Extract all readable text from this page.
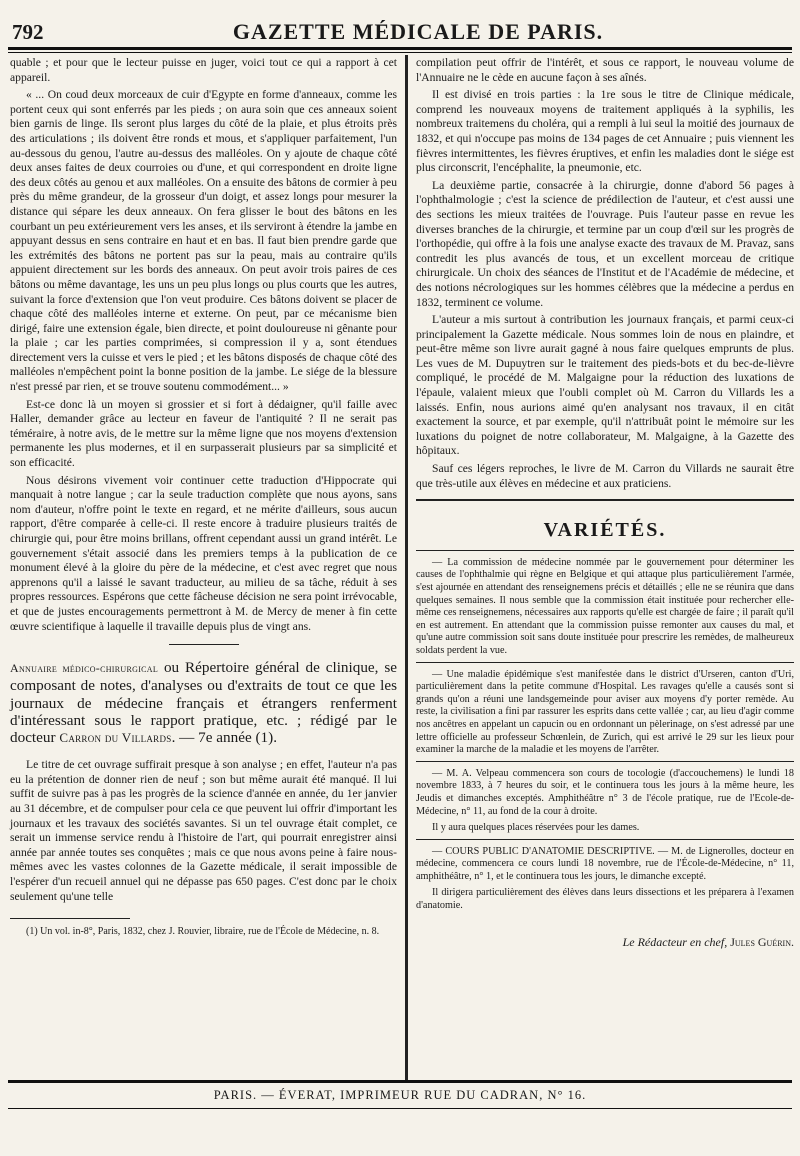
792	GAZETTE MÉDICALE DE PARIS.

quable ; et pour que le lecteur puisse en juger, voici tout ce qui a rapport à cet appareil.

« ... On coud deux morceaux de cuir d'Egypte en forme d'anneaux, comme les portent ceux qui sont enferrés par les pieds ; on aura soin que ces anneaux soient bien garnis de linge. Ils seront plus larges du côté de la plaie, et plus étroits près des articulations ; ils doivent être ronds et mous, et s'appliquer parfaitement, l'un au-dessous du genou, l'autre au-dessus des malléoles. On y ajoute de chaque côté deux anses faites de deux courroies ou d'une, et qui correspondent en droite ligne des deux côtés au genou et aux malléoles. On a ensuite des bâtons de cormier à peu près du même grandeur, de la grosseur d'un doigt, et assez longs pour mesurer la distance qui sépare les deux anneaux. On fera glisser le bout des bâtons en les courbant un peu extérieurement vers les anses, et ils serviront à étendre la jambe en appuyant dessus en sens contraire en haut et en bas. Il faut bien prendre garde que les extrémités des bâtons ne portent pas sur la peau, mais au contraire qu'ils appuient directement sur les bords des anneaux. On peut avoir trois paires de ces bâtons ou même davantage, les uns un peu plus longs ou plus courts que les autres, suivant la force d'extension que l'on veut produire. Ces bâtons doivent se placer de chaque côté des malléoles interne et externe. On peut, par ce mécanisme bien dirigé, faire une extension égale, bien directe, et point douloureuse ni gênante pour la plaie ; car les parties comprimées, si compression il y a, sont étendues directement vers la cuisse et vers le pied ; et les bâtons disposés de chaque côté des malléoles n'empêchent point la bonne position de la jambe. Le siége de la blessure n'est pressé par rien, et se trouve soutenu commodément... »

Est-ce donc là un moyen si grossier et si fort à dédaigner, qu'il faille avec Haller, demander grâce au lecteur en faveur de l'antiquité ? Il ne serait pas téméraire, à notre avis, de le mettre sur la même ligne que nos moyens d'extension permanente les plus modernes, et il en surpasserait plusieurs par sa simplicité et son efficacité.

Nous désirons vivement voir continuer cette traduction d'Hippocrate qui manquait à notre langue ; car la seule traduction complète que nous ayons, sans nom d'auteur, n'offre point le texte en regard, et ne mérite d'ailleurs, sous aucun rapport, d'être comparée à celle-ci. Il reste encore à traduire plusieurs traités de chirurgie qui, pour être moins brillans, offrent cependant aussi un grand intérêt. Le gouvernement s'était associé dans les premiers temps à la publication de ce monument élevé à la gloire du père de la médecine, et c'est avec regret que nous apprenons qu'il a laissé le savant traducteur, au milieu de sa tâche, réduit à ses propres ressources. Espérons que cette fâcheuse décision ne sera point irrévocable, et que de justes encouragements permettront à M. de Mercy de mener à fin cette œuvre scientifique à laquelle il travaille depuis plus de vingt ans.

Annuaire médico-chirurgical ou Répertoire général de clinique, se composant de notes, d'analyses ou d'extraits de tout ce que les journaux de médecine français et étrangers renferment d'intéressant sous le rapport pratique, etc. ; rédigé par le docteur Carron du Villards. — 7e année (1).

Le titre de cet ouvrage suffirait presque à son analyse ; en effet, l'auteur n'a pas eu la prétention de donner rien de neuf ; son but même aurait été manqué. Il lui suffit de suivre pas à pas les progrès de la science d'année en année, du 1er janvier au 31 décembre, et de compulser pour cela ce que peuvent lui offrir d'important les journaux et les travaux des sociétés savantes. Si un tel ouvrage était complet, ce serait un immense service rendu à l'histoire de l'art, qui pourrait enregistrer ainsi année par année toutes ses conquêtes ; mais ce que nous avons peine à faire nous-mêmes avec les vastes colonnes de la Gazette médicale, il serait impossible de l'espérer d'un recueil annuel qui ne dépasse pas 650 pages. C'est donc par le choix seulement qu'une telle

(1) Un vol. in-8°, Paris, 1832, chez J. Rouvier, libraire, rue de l'École de Médecine, n. 8.

compilation peut offrir de l'intérêt, et sous ce rapport, le nouveau volume de l'Annuaire ne le cède en aucune façon à ses aînés.

Il est divisé en trois parties : la 1re sous le titre de Clinique médicale, comprend les nouveaux moyens de traitement appliqués à la syphilis, les nombreux traitemens du choléra, qui a rempli à lui seul la moitié des journaux de 1832, et qui n'occupe pas moins de 134 pages de cet Annuaire ; puis viennent les fièvres intermittentes, les fièvres éruptives, et enfin les maladies dont le siége est plus circonscrit, l'encéphalite, la pneumonie, etc.

La deuxième partie, consacrée à la chirurgie, donne d'abord 56 pages à l'ophthalmologie ; c'est la science de prédilection de l'auteur, et c'est aussi une des sections les mieux traitées de l'ouvrage. Puis l'auteur passe en revue les diverses branches de la chirurgie, et termine par un coup d'œil sur les progrès de l'orthopédie, qui offre à la fois une analyse exacte des travaux de M. Pravaz, sans contredit les plus avancés de tous, et un excellent morceau de critique chirurgicale. Un choix des séances de l'Institut et de l'Académie de médecine, et des notions nécrologiques sur les hommes célèbres que la médecine a perdus en 1832, terminent ce volume.

L'auteur a mis surtout à contribution les journaux français, et parmi ceux-ci principalement la Gazette médicale. Nous sommes loin de nous en plaindre, et peut-être même son livre aurait gagné à nous faire quelques emprunts de plus. Les vues de M. Dupuytren sur le traitement des pieds-bots et du bec-de-lièvre compliqué, le procédé de M. Malgaigne pour la réduction des luxations de l'épaule, valaient mieux que l'oubli complet où M. Carron du Villards les a laissés. Enfin, nous aurions aimé qu'en analysant nos travaux, il en citât exactement la source, et par exemple, qu'il n'attribuât point le mémoire sur les luxations du poignet de notre collaborateur, M. Malgaigne, à la Gazette des hôpitaux.

Sauf ces légers reproches, le livre de M. Carron du Villards ne saurait être que très-utile aux élèves en médecine et aux praticiens.

VARIÉTÉS.

— La commission de médecine nommée par le gouvernement pour déterminer les causes de l'ophthalmie qui règne en Belgique et qui attaque plus particulièrement l'armée, s'est ajournée en attendant des renseignemens précis et détaillés ; elle ne se réunira que dans quelques semaines. Il nous semble que la commission était instituée pour rechercher elle-même ces renseignemens, nécessaires aux rapports qu'elle est chargée de faire ; il paraît qu'il en est autrement. En attendant que la commission puisse remonter aux causes du mal, et qu'une autre commission soit sans doute instituée pour prescrire les remèdes, de malheureux soldats perdent la vue.

— Une maladie épidémique s'est manifestée dans le district d'Urseren, canton d'Uri, particulièrement dans la petite commune d'Hospital. Les ravages qu'elle a causés sont si grands qu'on a réuni une landsgemeinde pour aviser aux moyens d'y porter remède. Au reste, la civilisation a fini par rassurer les esprits dans cette vallée ; car, au lieu d'agir comme nos ancêtres en appelant un capucin ou en ordonnant un pèlerinage, on s'est adressé par une lettre officielle au professeur Schœnlein, de Zurich, qui est arrivé le 29 sur les lieux pour examiner la marche de la maladie et les moyens de l'arrêter.

— M. A. Velpeau commencera son cours de tocologie (d'accouchemens) le lundi 18 novembre 1833, à 7 heures du soir, et le continuera tous les jours à la même heure, les Jeudis et dimanches exceptés. Amphithéâtre n° 3 de l'école pratique, rue de l'Ecole-de-Médecine, n° 11, au fond de la cour à droite.

Il y aura quelques places réservées pour les dames.

— COURS PUBLIC D'ANATOMIE DESCRIPTIVE. — M. de Lignerolles, docteur en médecine, commencera ce cours lundi 18 novembre, rue de l'École-de-Médecine, n° 11, amphithéâtre, n° 1, et le continuera tous les jours, le dimanche excepté.

Il dirigera particulièrement des élèves dans leurs dissections et les préparera à l'examen d'anatomie.

Le Rédacteur en chef, Jules Guérin.
PARIS. — ÉVERAT, IMPRIMEUR RUE DU CADRAN, N° 16.
